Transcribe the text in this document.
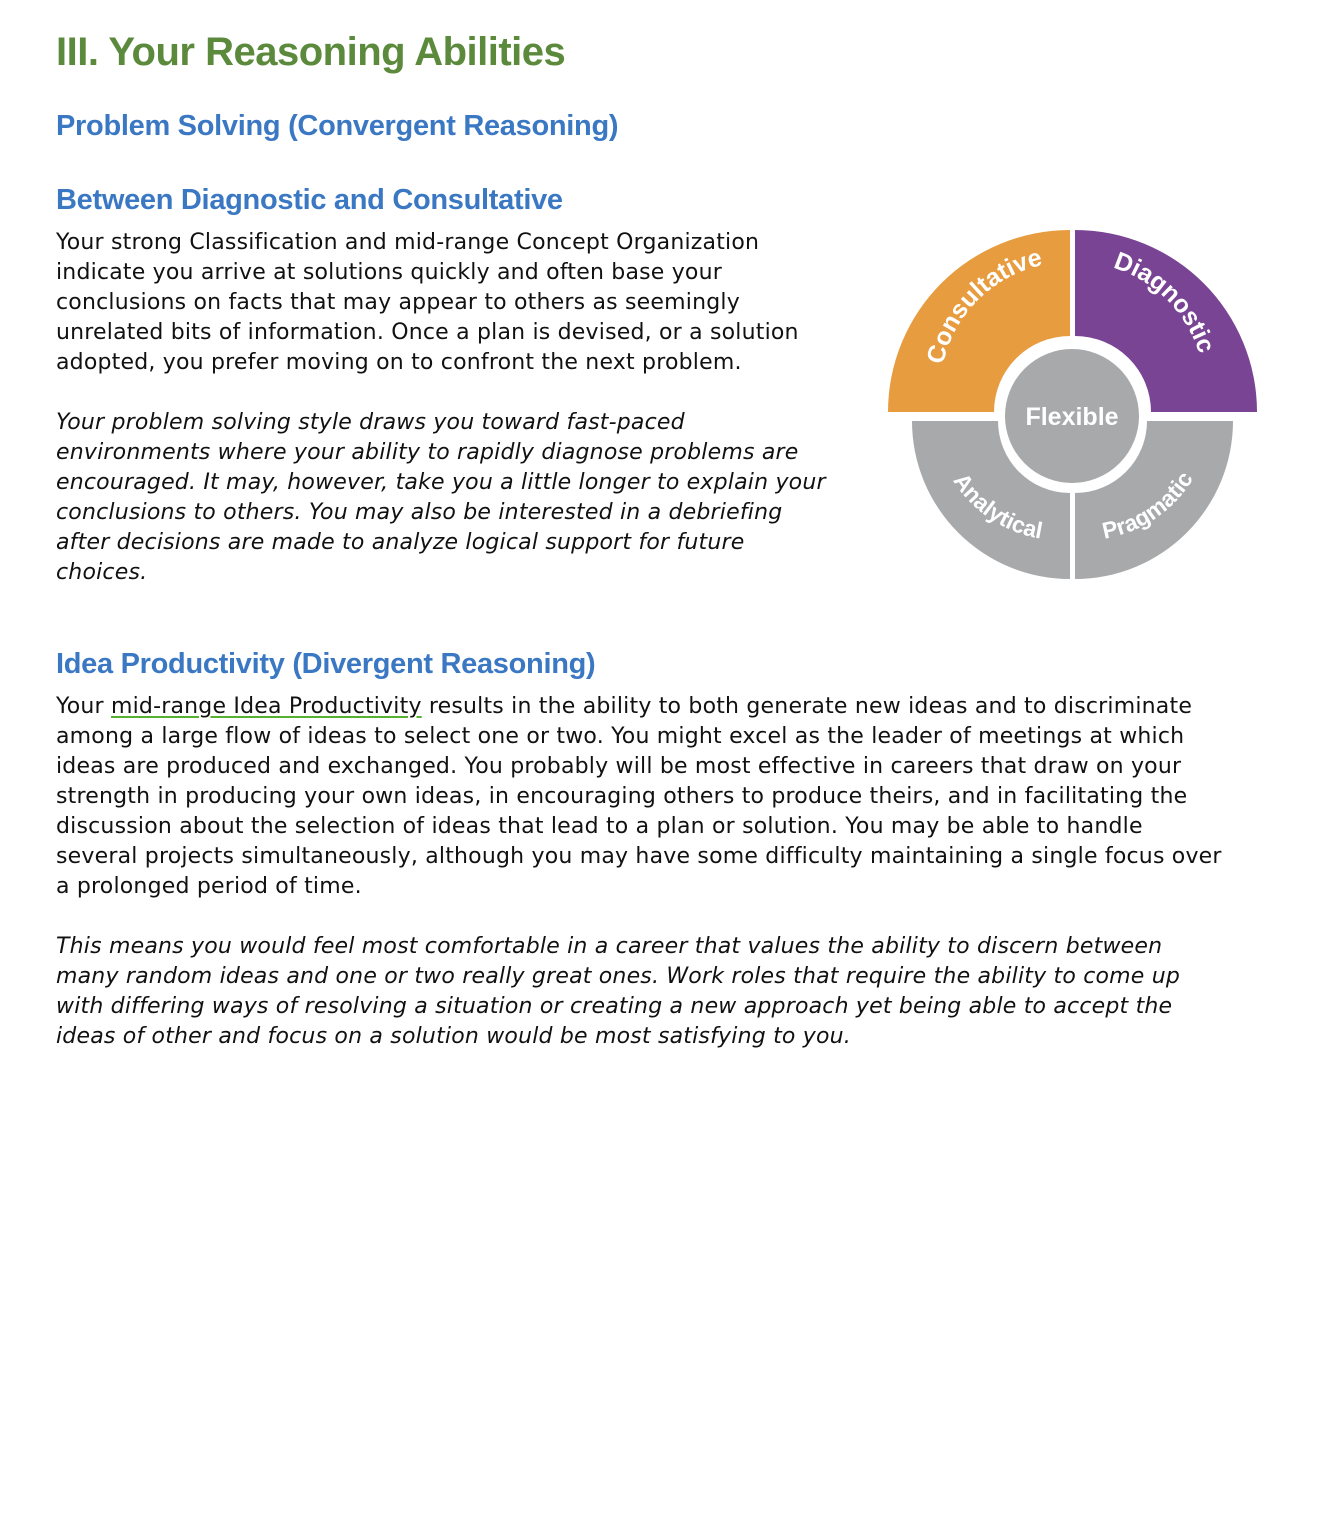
III. Your Reasoning Abilities
Problem Solving (Convergent Reasoning)
Between Diagnostic and Consultative

Your strong Classification and mid-range Concept Organization
indicate you arrive at solutions quickly and often base your
conclusions on facts that may appear to others as seemingly
unrelated bits of information. Once a plan is devised, or a solution
adopted, you prefer moving on to confront the next problem.

Your problem solving style draws you toward fast-paced
environments where your ability to rapidly diagnose problems are
encouraged. It may, however, take you a little longer to explain your
conclusions to others. You may also be interested in a debriefing
after decisions are made to analyze logical support for future
choices.

Flexible
Consultative	Diagnostic
Analytical Pragmatic
Idea Productivity (Divergent Reasoning)

Your mid-range Idea Productivity results in the ability to both generate new ideas and to discriminate
among a large flow of ideas to select one or two. You might excel as the leader of meetings at which
ideas are produced and exchanged. You probably will be most effective in careers that draw on your
strength in producing your own ideas, in encouraging others to produce theirs, and in facilitating the
discussion about the selection of ideas that lead to a plan or solution. You may be able to handle
several projects simultaneously, although you may have some difficulty maintaining a single focus over
a prolonged period of time.

This means you would feel most comfortable in a career that values the ability to discern between
many random ideas and one or two really great ones. Work roles that require the ability to come up
with differing ways of resolving a situation or creating a new approach yet being able to accept the
ideas of other and focus on a solution would be most satisfying to you.
